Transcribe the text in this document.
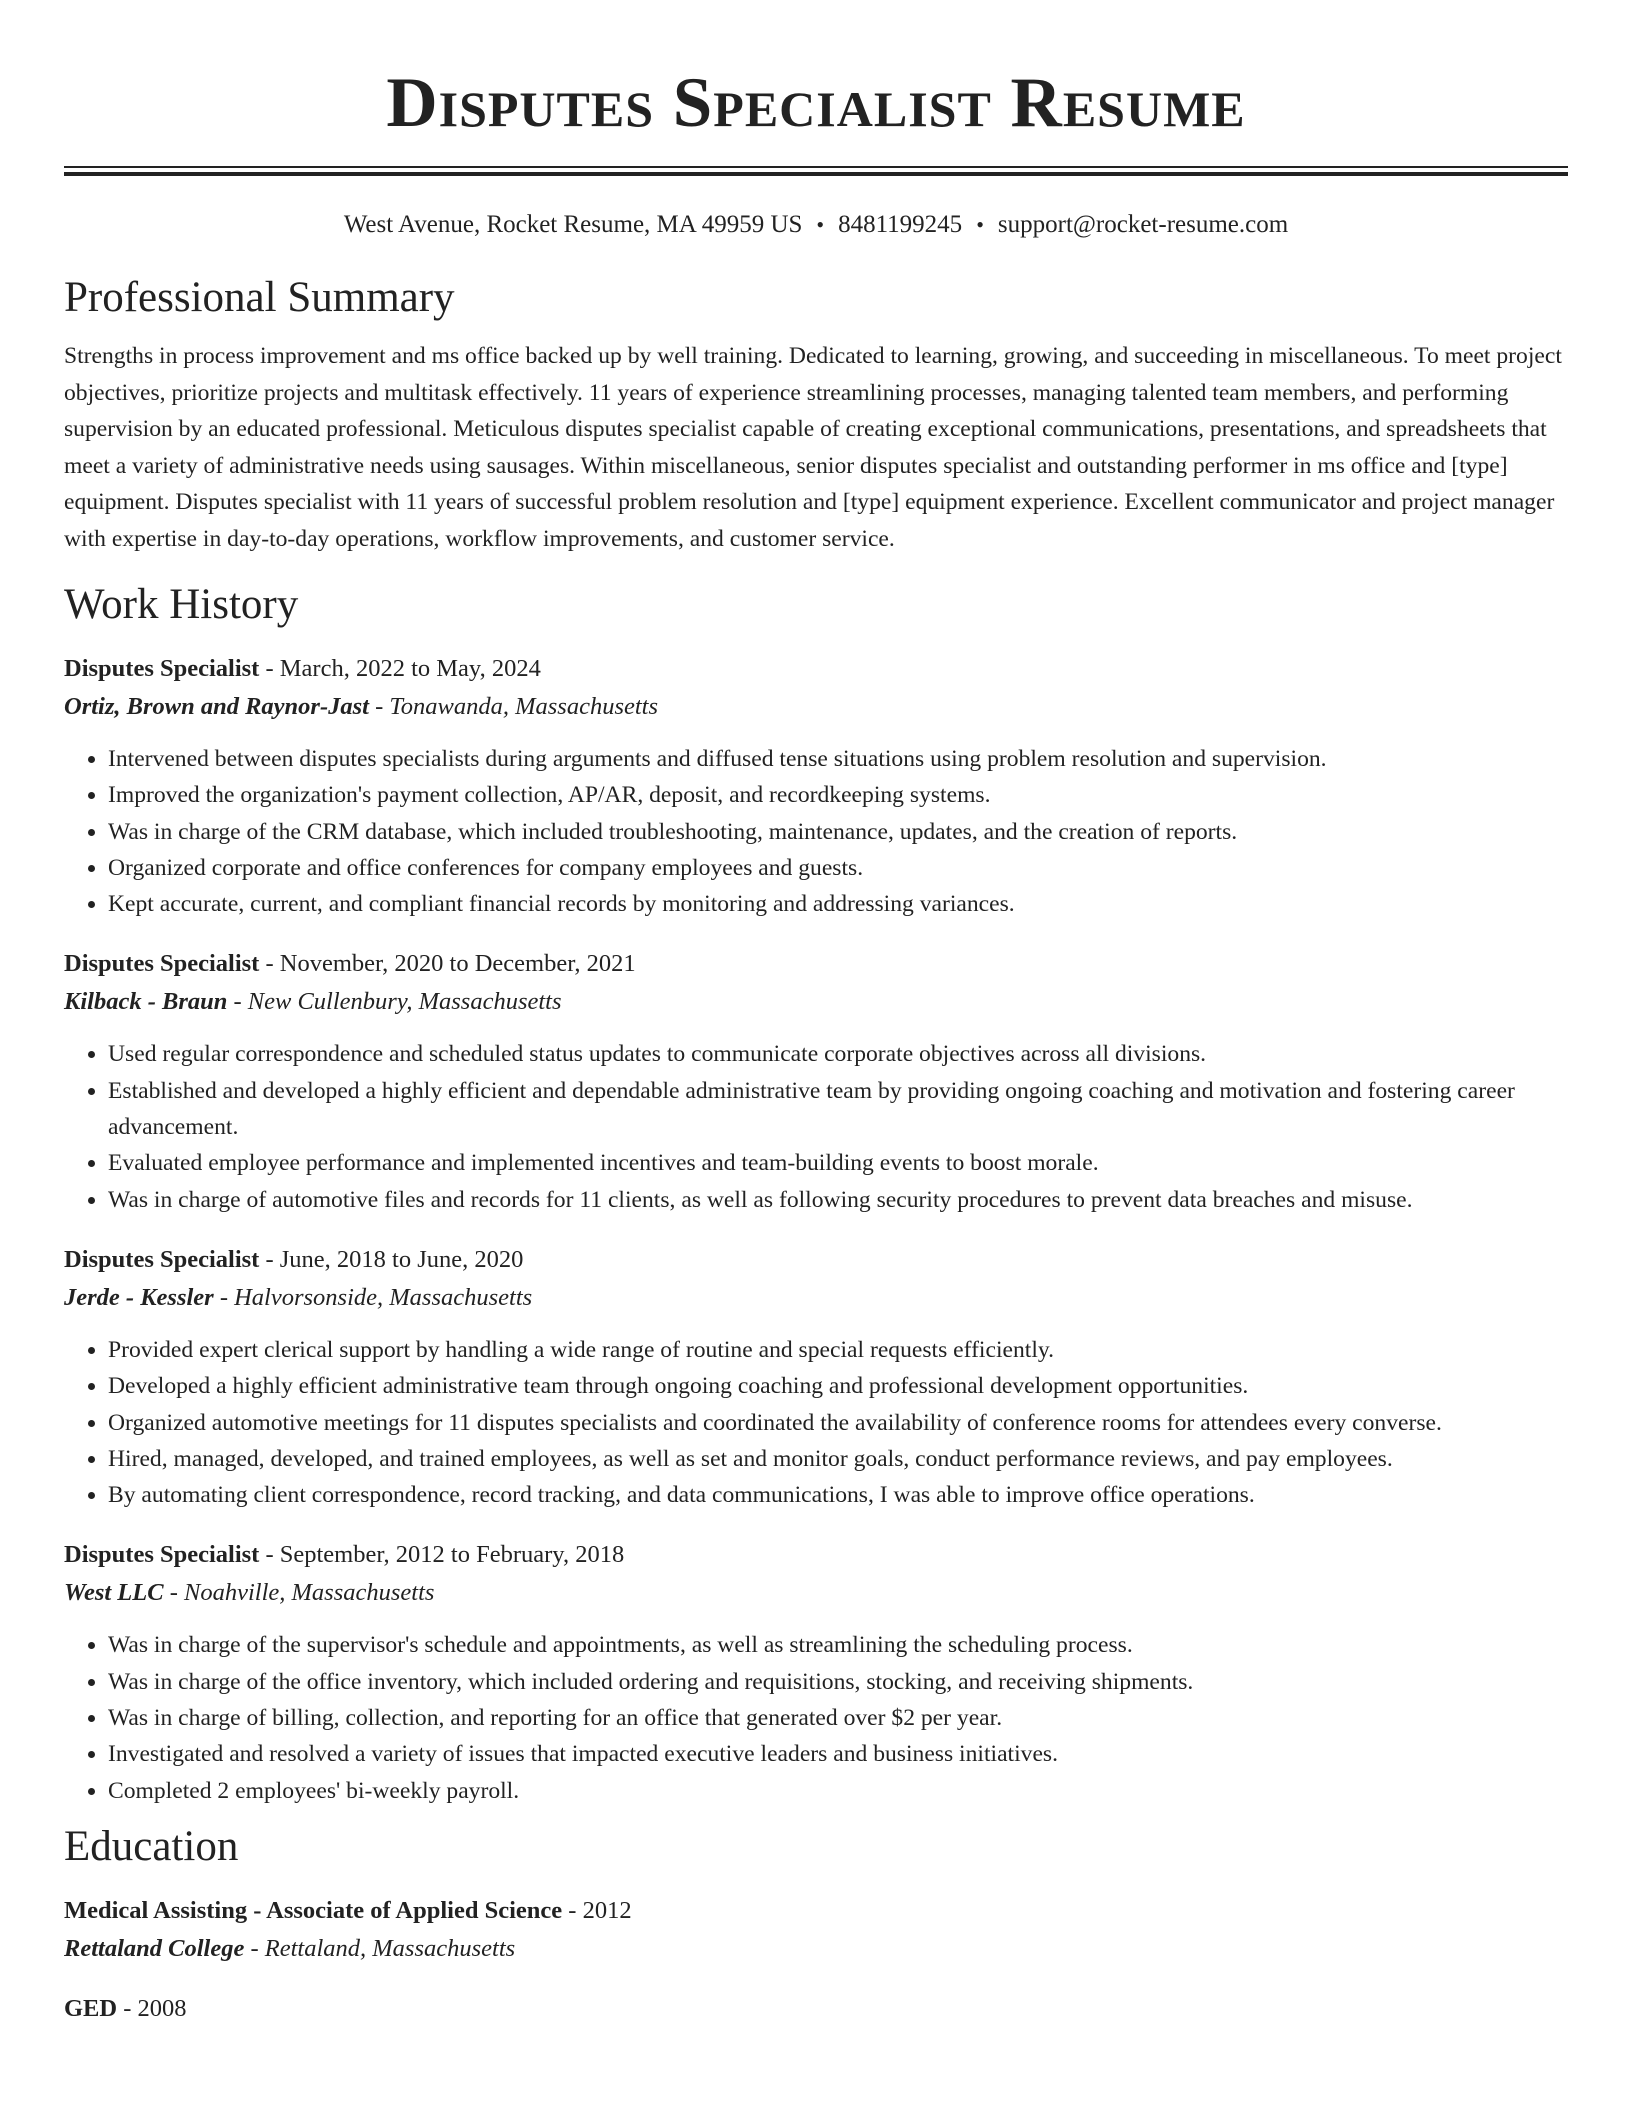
Disputes Specialist Resume
West Avenue, Rocket Resume, MA 49959 US • 8481199245 • support@rocket-resume.com
Professional Summary

Strengths in process improvement and ms office backed up by well training. Dedicated to learning, growing, and succeeding in miscellaneous. To meet project objectives, prioritize projects and multitask effectively. 11 years of experience streamlining processes, managing talented team members, and performing supervision by an educated professional. Meticulous disputes specialist capable of creating exceptional communications, presentations, and spreadsheets that meet a variety of administrative needs using sausages. Within miscellaneous, senior disputes specialist and outstanding performer in ms office and [type] equipment. Disputes specialist with 11 years of successful problem resolution and [type] equipment experience. Excellent communicator and project manager with expertise in day-to-day operations, workflow improvements, and customer service.

Work History
Disputes Specialist - March, 2022 to May, 2024
Ortiz, Brown and Raynor-Jast - Tonawanda, Massachusetts
• Intervened between disputes specialists during arguments and diffused tense situations using problem resolution and supervision.
• Improved the organization's payment collection, AP/AR, deposit, and recordkeeping systems.
• Was in charge of the CRM database, which included troubleshooting, maintenance, updates, and the creation of reports.
• Organized corporate and office conferences for company employees and guests.
• Kept accurate, current, and compliant financial records by monitoring and addressing variances.
Disputes Specialist - November, 2020 to December, 2021
Kilback - Braun - New Cullenbury, Massachusetts
• Used regular correspondence and scheduled status updates to communicate corporate objectives across all divisions.
• Established and developed a highly efficient and dependable administrative team by providing ongoing coaching and motivation and fostering career advancement.
• Evaluated employee performance and implemented incentives and team-building events to boost morale.
• Was in charge of automotive files and records for 11 clients, as well as following security procedures to prevent data breaches and misuse.
Disputes Specialist - June, 2018 to June, 2020
Jerde - Kessler - Halvorsonside, Massachusetts
• Provided expert clerical support by handling a wide range of routine and special requests efficiently.
• Developed a highly efficient administrative team through ongoing coaching and professional development opportunities.
• Organized automotive meetings for 11 disputes specialists and coordinated the availability of conference rooms for attendees every converse.
• Hired, managed, developed, and trained employees, as well as set and monitor goals, conduct performance reviews, and pay employees.
• By automating client correspondence, record tracking, and data communications, I was able to improve office operations.
Disputes Specialist - September, 2012 to February, 2018
West LLC - Noahville, Massachusetts
• Was in charge of the supervisor's schedule and appointments, as well as streamlining the scheduling process.
• Was in charge of the office inventory, which included ordering and requisitions, stocking, and receiving shipments.
• Was in charge of billing, collection, and reporting for an office that generated over $2 per year.
• Investigated and resolved a variety of issues that impacted executive leaders and business initiatives.
• Completed 2 employees' bi-weekly payroll.
Education
Medical Assisting - Associate of Applied Science - 2012
Rettaland College - Rettaland, Massachusetts
GED - 2008
